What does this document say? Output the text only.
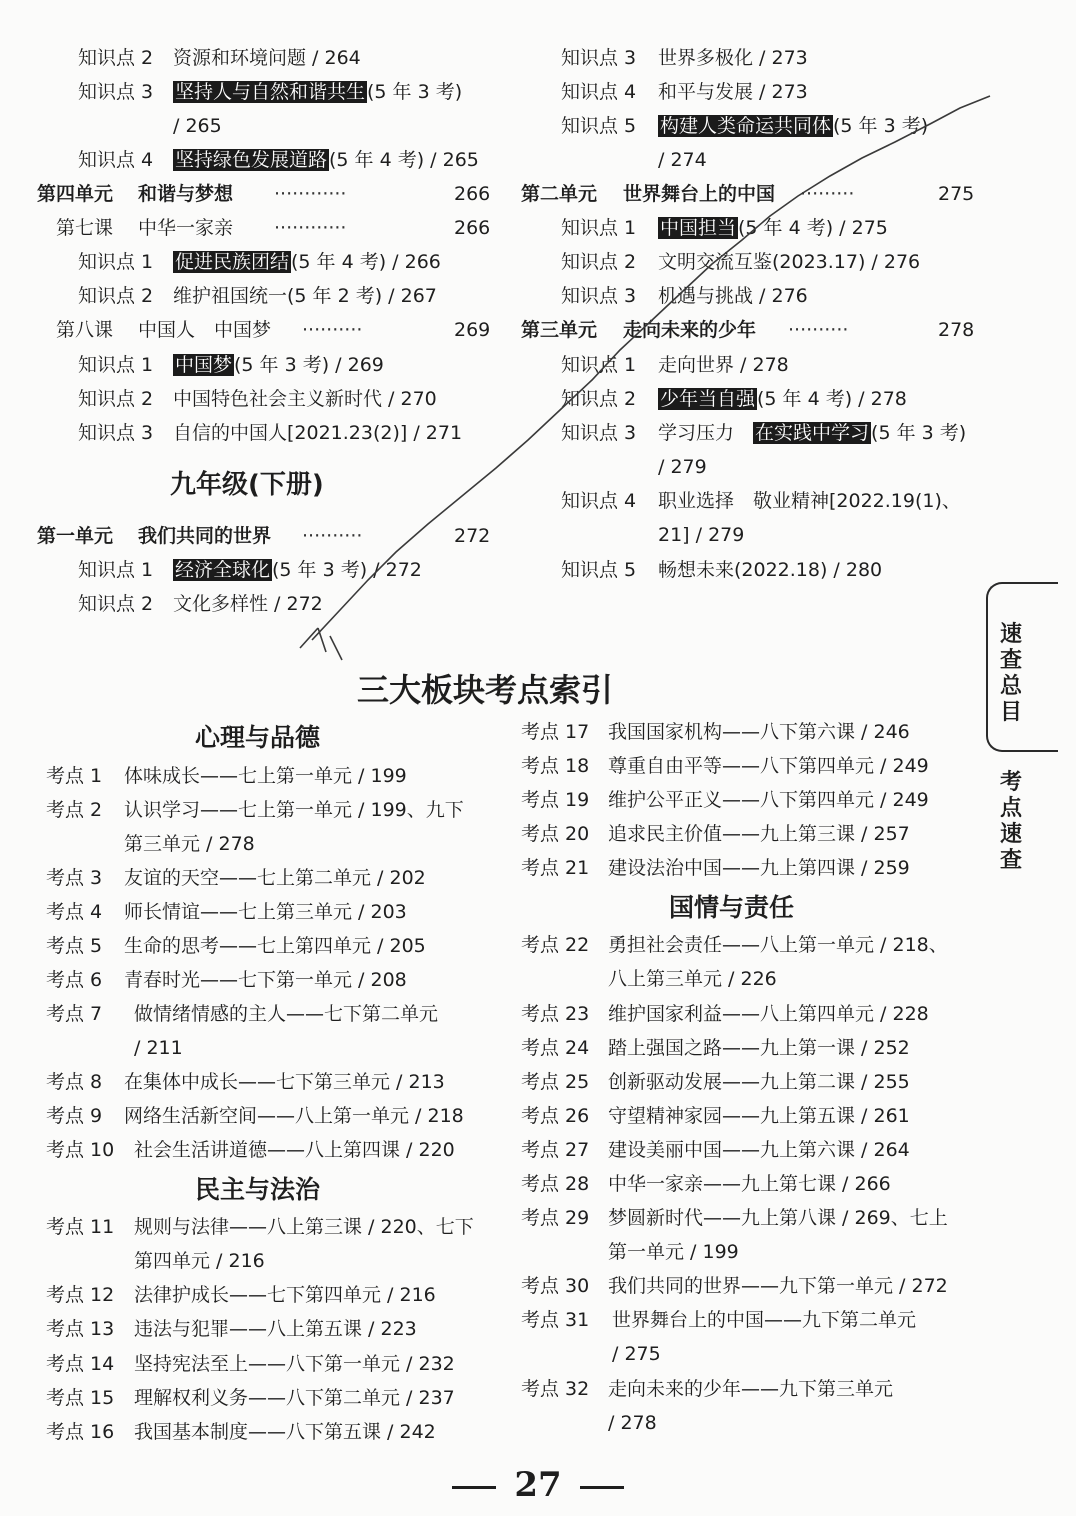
知识点 2 资源和环境问题 / 264
知识点 3 坚持人与自然和谐共生 (5 年 3 考)
/ 265
知识点 4 坚持绿色发展道路 (5 年 4 考) / 265
第四单元 和谐与梦想 ············	266
第七课 中华一家亲 ············	266
知识点 1 促进民族团结 (5 年 4 考) / 266
知识点 2 维护祖国统一(5 年 2 考) / 267
第八课 中国人　中国梦 ··········	269
知识点 1 中国梦 (5 年 3 考) / 269
知识点 2 中国特色社会主义新时代 / 270
知识点 3 自信的中国人[2021.23(2)] / 271
九年级(下册)
第一单元 我们共同的世界 ··········	272
知识点 1 经济全球化 (5 年 3 考) / 272
知识点 2 文化多样性 / 272
知识点 3 世界多极化 / 273
知识点 4 和平与发展 / 273
知识点 5 构建人类命运共同体 (5 年 3 考)
/ 274
第二单元 世界舞台上的中国 ·········	275
知识点 1 中国担当 (5 年 4 考) / 275
知识点 2 文明交流互鉴(2023.17) / 276
知识点 3 机遇与挑战 / 276
第三单元 走向未来的少年 ··········	278
知识点 1 走向世界 / 278
知识点 2 少年当自强 (5 年 4 考) / 278
知识点 3 学习压力　在实践中学习 (5 年 3 考)
/ 279
知识点 4 职业选择　敬业精神[2022.19(1)、
21] / 279
知识点 5 畅想未来(2022.18) / 280
三大板块考点索引
心理与品德
考点 1 体味成长——七上第一单元 / 199
考点 2 认识学习——七上第一单元 / 199、九下
第三单元 / 278
考点 3 友谊的天空——七上第二单元 / 202
考点 4 师长情谊——七上第三单元 / 203
考点 5 生命的思考——七上第四单元 / 205
考点 6 青春时光——七下第一单元 / 208
考点 7 做情绪情感的主人——七下第二单元
/ 211
考点 8 在集体中成长——七下第三单元 / 213
考点 9 网络生活新空间——八上第一单元 / 218
考点 10 社会生活讲道德——八上第四课 / 220
民主与法治
考点 11 规则与法律——八上第三课 / 220、七下
第四单元 / 216
考点 12 法律护成长——七下第四单元 / 216
考点 13 违法与犯罪——八上第五课 / 223
考点 14 坚持宪法至上——八下第一单元 / 232
考点 15 理解权利义务——八下第二单元 / 237
考点 16 我国基本制度——八下第五课 / 242
考点 17 我国国家机构——八下第六课 / 246
考点 18 尊重自由平等——八下第四单元 / 249
考点 19 维护公平正义——八下第四单元 / 249
考点 20 追求民主价值——九上第三课 / 257
考点 21 建设法治中国——九上第四课 / 259
国情与责任
考点 22 勇担社会责任——八上第一单元 / 218、
八上第三单元 / 226
考点 23 维护国家利益——八上第四单元 / 228
考点 24 踏上强国之路——九上第一课 / 252
考点 25 创新驱动发展——九上第二课 / 255
考点 26 守望精神家园——九上第五课 / 261
考点 27 建设美丽中国——九上第六课 / 264
考点 28 中华一家亲——九上第七课 / 266
考点 29 梦圆新时代——九上第八课 / 269、七上
第一单元 / 199
考点 30 我们共同的世界——九下第一单元 / 272
考点 31 世界舞台上的中国——九下第二单元
/ 275
考点 32 走向未来的少年——九下第三单元
/ 278
速查总目
考点速查
27
